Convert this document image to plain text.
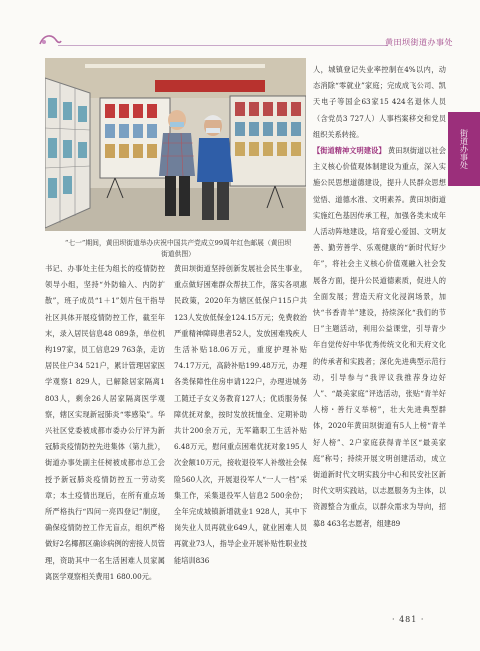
黄田坝街道办事处
街道办事处
“七一”期间，黄田坝街道举办庆祝中国共产党成立99周年红色邮展（黄田坝街道供图）

书记、办事处主任为组长的疫情防控领导小组，坚持“外防输入、内防扩散”，班子成员“1＋1”划片包干指导社区具体开展疫情防控工作，截至年末，录入居民信息48 089条，单位机构197家，员工信息29 763条，走访居民住户34 521户，累计管理居家医学观察1 829人，已解除居家隔离1 803人，剩余26人居家隔离医学观察，辖区实现新冠肺炎“零感染”。华兴社区党委被成都市委办公厅评为新冠肺炎疫情防控先进集体（第九批），街道办事处副主任树被成都市总工会授予新冠肺炎疫情防控五一劳动奖章；本土疫情出现后，在所有重点场所严格执行“四问一亮四登记”制度，确保疫情防控工作无盲点，组织严格做好2名椰都区确诊病例的密接人员管理，资助其中一名生活困难人员家属离医学观察相关费用1 680.00元。

黄田坝街道坚持创新发展社会民生事业，重点做好困难群众帮扶工作，落实各项惠民政策，2020年为辖区低保户115户共123人发放低保金124.15万元；免费救治严重精神障碍患者52人，发放困难残疾人生活补贴18.06万元，重度护理补贴74.17万元，高龄补贴199.48万元，办理各类保障性住房申请122户，办理进城务工随迁子女义务教育127人；优质服务保障优抚对象，按时发放抚恤金、定期补助共计200余万元，无军籍职工生活补贴6.48万元，慰问重点困难优抚对象195人次金额10万元，接收退役军人补缴社会保险560人次，开展退役军人“一人一档”采集工作，采集退役军人信息2 500余份；全年完成城镇新增就业1 928人，其中下岗失业人员再就业649人，就业困难人员再就业73人，指导企业开展补贴性职业技能培训836

人，城镇登记失业率控制在4%以内，动态消除“零就业”家庭；完成成飞公司、凯天电子等国企63家15 424名退休人员（含党员3 727人）人事档案移交和党员组织关系转接。

【街道精神文明建设】 黄田坝街道以社会主义核心价值观体制建设为重点，深入实施公民思想道德建设，提升人民群众思想觉悟、道德水准、文明素养。黄田坝街道实施红色基因传承工程，加强各类未成年人活动阵地建设，培育爱心爱国、文明友善、勤劳善学、乐观健康的“新时代好少年”，将社会主义核心价值观融入社会发展各方面，提升公民道德素质，促进人的全面发展；营造天府文化浸润场景，加快“书香青羊”建设，持续深化“我们的节日”主题活动，利用公益课堂，引导青少年自觉传好中华优秀传统文化和天府文化的传承者和实践者；深化先进典型示范行动，引导参与“我评议我推荐身边好人”、“最美家庭”评选活动，张贴“青羊好人榜・善行义举榜”，壮大先进典型群体，2020年黄田坝街道有5人上榜“青羊好人榜”、2户家庭获得青羊区“最美家庭”称号；持续开展文明创建活动，成立街道新时代文明实践分中心和民安社区新时代文明实践站，以志愿服务为主体，以资源整合为重点，以群众需求为导向，招募8 463名志愿者，组建89

· 481 ·
